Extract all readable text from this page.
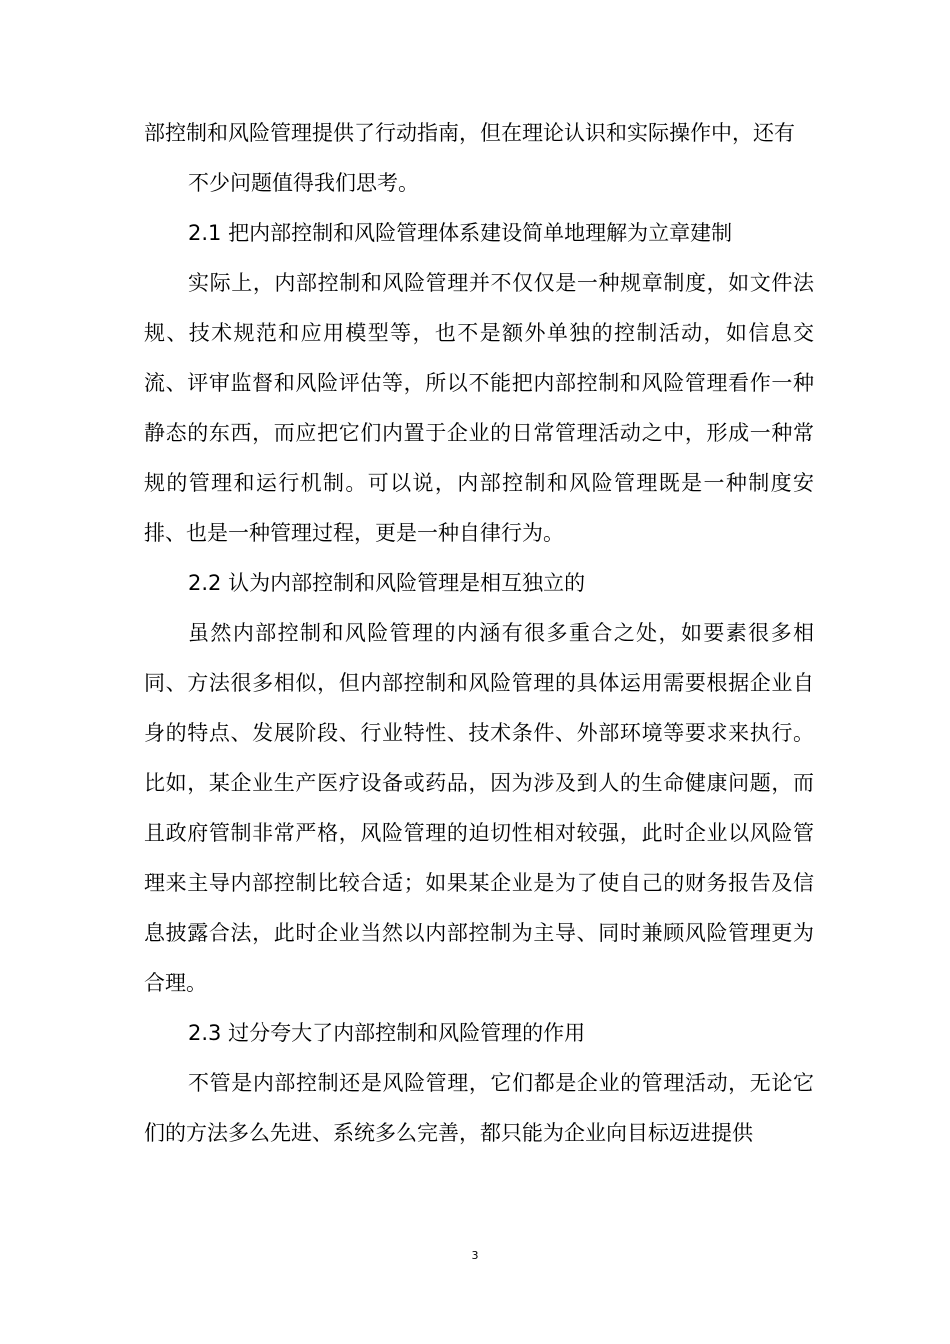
部控制和风险管理提供了行动指南，但在理论认识和实际操作中，还有

不少问题值得我们思考。

2.1 把内部控制和风险管理体系建设简单地理解为立章建制

实际上，内部控制和风险管理并不仅仅是一种规章制度，如文件法规、技术规范和应用模型等，也不是额外单独的控制活动，如信息交流、评审监督和风险评估等，所以不能把内部控制和风险管理看作一种静态的东西，而应把它们内置于企业的日常管理活动之中，形成一种常规的管理和运行机制。可以说，内部控制和风险管理既是一种制度安排、也是一种管理过程，更是一种自律行为。

2.2 认为内部控制和风险管理是相互独立的

虽然内部控制和风险管理的内涵有很多重合之处，如要素很多相同、方法很多相似，但内部控制和风险管理的具体运用需要根据企业自身的特点、发展阶段、行业特性、技术条件、外部环境等要求来执行。比如，某企业生产医疗设备或药品，因为涉及到人的生命健康问题，而且政府管制非常严格，风险管理的迫切性相对较强，此时企业以风险管理来主导内部控制比较合适；如果某企业是为了使自己的财务报告及信息披露合法，此时企业当然以内部控制为主导、同时兼顾风险管理更为合理。

2.3 过分夸大了内部控制和风险管理的作用

不管是内部控制还是风险管理，它们都是企业的管理活动，无论它们的方法多么先进、系统多么完善，都只能为企业向目标迈进提供

3
